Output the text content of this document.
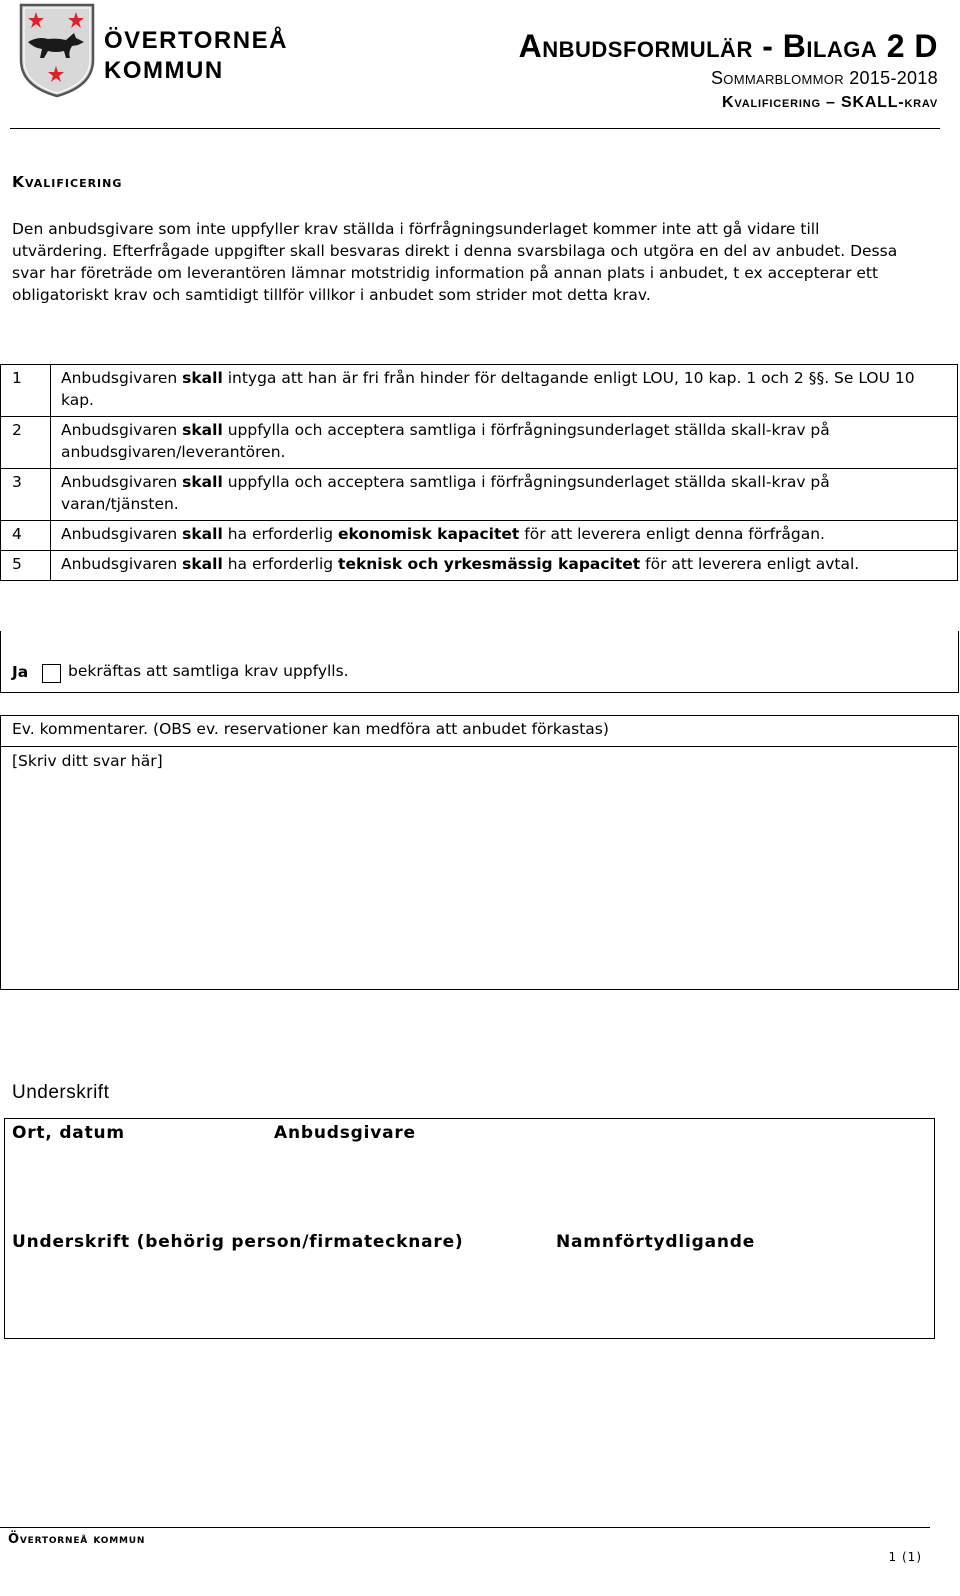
ÖVERTORNEÅ
KOMMUN
Anbudsformulär - Bilaga 2 D
Sommarblommor 2015-2018
Kvalificering – SKALL-krav
Kvalificering
Den anbudsgivare som inte uppfyller krav ställda i förfrågningsunderlaget kommer inte att gå vidare till utvärdering. Efterfrågade uppgifter skall besvaras direkt i denna svarsbilaga och utgöra en del av anbudet. Dessa svar har företräde om leverantören lämnar motstridig information på annan plats i anbudet, t ex accepterar ett obligatoriskt krav och samtidigt tillför villkor i anbudet som strider mot detta krav.
1	Anbudsgivaren skall intyga att han är fri från hinder för deltagande enligt LOU, 10 kap. 1 och 2 §§. Se LOU 10 kap.
2	Anbudsgivaren skall uppfylla och acceptera samtliga i förfrågningsunderlaget ställda skall-krav på anbudsgivaren/leverantören.
3	Anbudsgivaren skall uppfylla och acceptera samtliga i förfrågningsunderlaget ställda skall-krav på varan/tjänsten.
4	Anbudsgivaren skall ha erforderlig ekonomisk kapacitet för att leverera enligt denna förfrågan.
5	Anbudsgivaren skall ha erforderlig teknisk och yrkesmässig kapacitet för att leverera enligt avtal.
Ja	bekräftas att samtliga krav uppfylls.
Ev. kommentarer. (OBS ev. reservationer kan medföra att anbudet förkastas)
[Skriv ditt svar här]
Underskrift
Ort, datum	Anbudsgivare
Underskrift (behörig person/firmatecknare)	Namnförtydligande
Övertorneå kommun
1 (1)
